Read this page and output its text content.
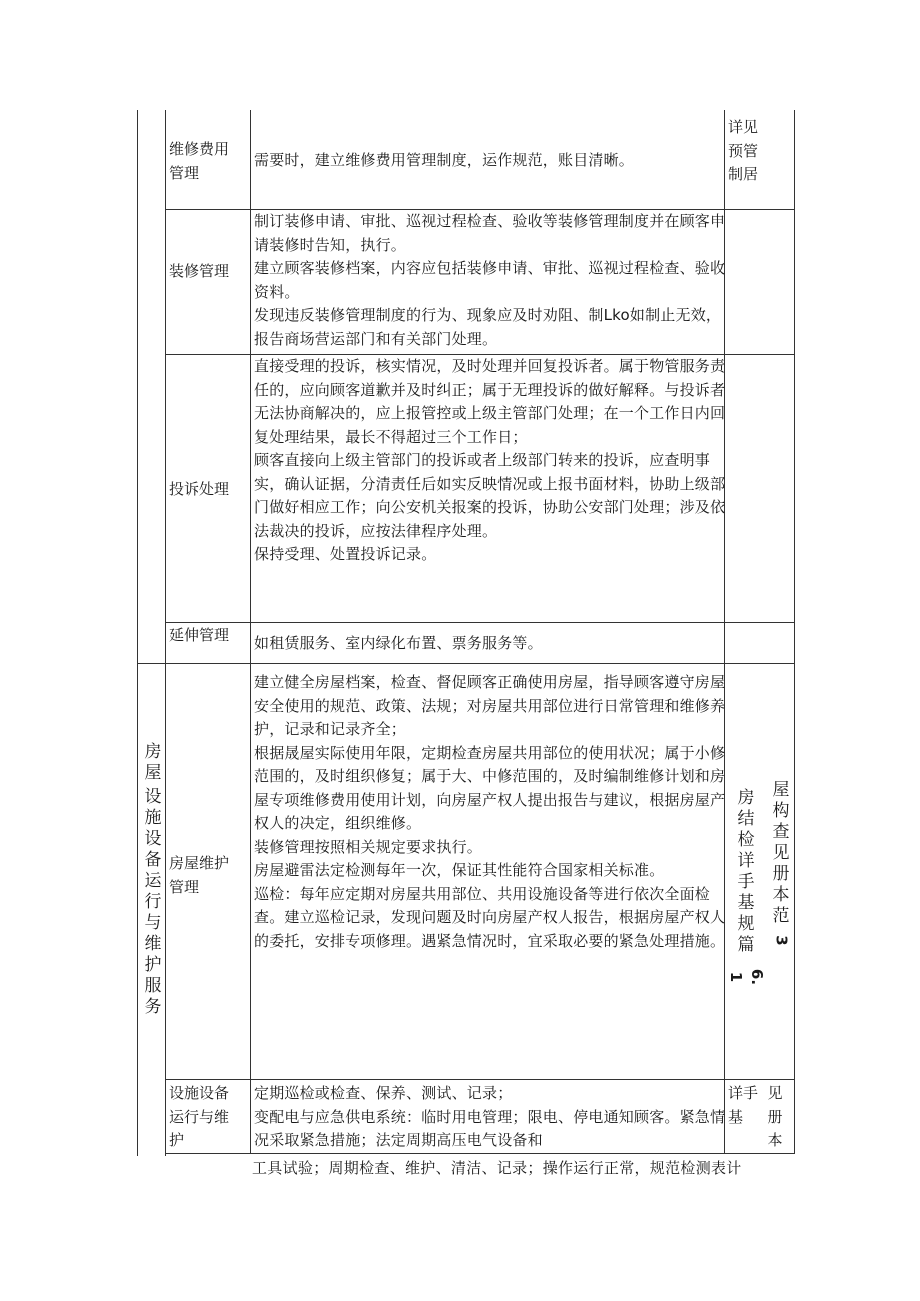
维修费用管理
需要时，建立维修费用管理制度，运作规范，账目清晰。
详见
预管
制居
装修管理
制订装修申请、审批、巡视过程检查、验收等装修管理制度并在顾客申请装修时告知，执行。
建立顾客装修档案，内容应包括装修申请、审批、巡视过程检查、验收资料。
发现违反装修管理制度的行为、现象应及时劝阻、制Lko如制止无效，报告商场营运部门和有关部门处理。
投诉处理
直接受理的投诉，核实情况，及时处理并回复投诉者。属于物管服务责任的，应向顾客道歉并及时纠正；属于无理投诉的做好解释。与投诉者无法协商解决的，应上报管控或上级主管部门处理；在一个工作日内回复处理结果，最长不得超过三个工作日；
顾客直接向上级主管部门的投诉或者上级部门转来的投诉，应查明事实，确认证据，分清责任后如实反映情况或上报书面材料，协助上级部门做好相应工作；向公安机关报案的投诉，协助公安部门处理；涉及依法裁决的投诉，应按法律程序处理。
保持受理、处置投诉记录。
延伸管理	如租赁服务、室内绿化布置、票务服务等。
房屋
设施设备运行与维护服务
房屋维护管理
建立健全房屋档案，检查、督促顾客正确使用房屋，指导顾客遵守房屋安全使用的规范、政策、法规；对房屋共用部位进行日常管理和维修养护，记录和记录齐全；
根据晟屋实际使用年限，定期检查房屋共用部位的使用状况；属于小修范围的，及时组织修复；属于大、中修范围的，及时编制维修计划和房屋专项维修费用使用计划，向房屋产权人提出报告与建议，根据房屋产权人的决定，组织维修。
装修管理按照相关规定要求执行。
房屋避雷法定检测每年一次，保证其性能符合国家相关标准。
巡检：每年应定期对房屋共用部位、共用设施设备等进行依次全面检查。建立巡检记录，发现问题及时向房屋产权人报告，根据房屋产权人的委托，安排专项修理。遇紧急情况时，宜采取必要的紧急处理措施。
房结检详手基规篇
6.1
屋构查见册本范
3
设施设备运行与维护
定期巡检或检查、保养、测试、记录；
变配电与应急供电系统：临时用电管理；限电、停电通知顾客。紧急情况采取紧急措施；法定周期高压电气设备和
详手
基
见
册
本
工具试验；周期检查、维护、清洁、记录；操作运行正常，规范检测表计
